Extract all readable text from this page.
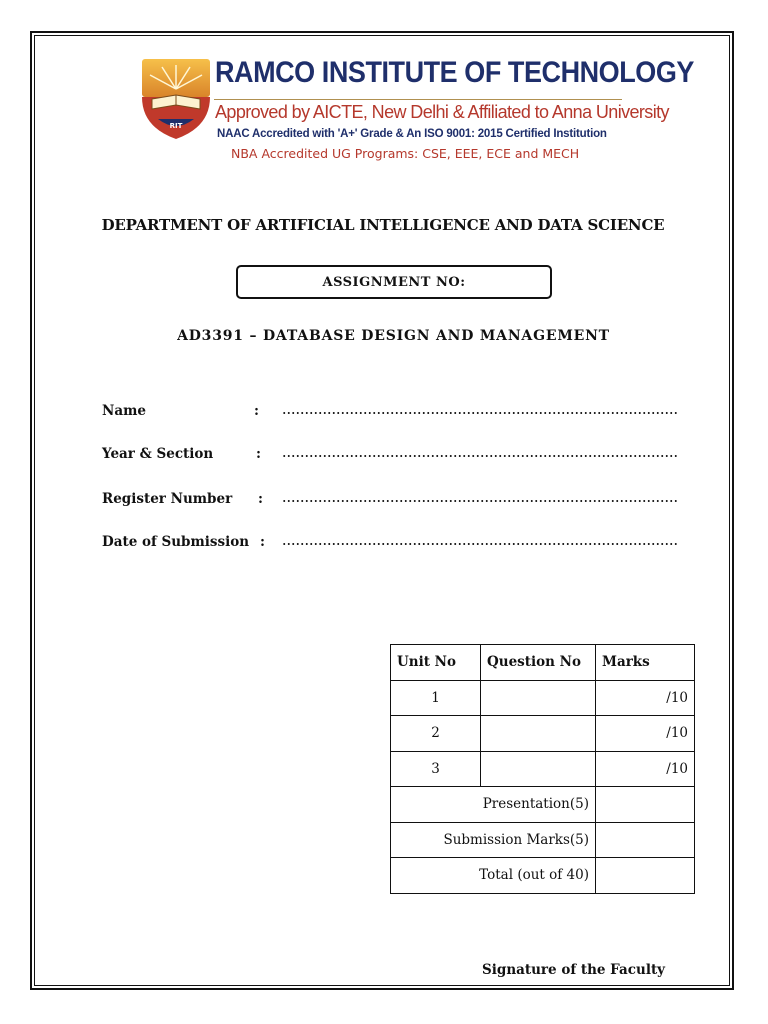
RIT
RAMCO INSTITUTE OF TECHNOLOGY
Approved by AICTE, New Delhi & Affiliated to Anna University
NAAC Accredited with 'A+' Grade & An ISO 9001: 2015 Certified Institution
NBA Accredited UG Programs: CSE, EEE, ECE and MECH
DEPARTMENT OF ARTIFICIAL INTELLIGENCE AND DATA SCIENCE
ASSIGNMENT NO:
AD3391 – DATABASE DESIGN AND MANAGEMENT
Name	:
Year & Section	:
Register Number :
Date of Submission :
Unit No	Question No	Marks
1		/10
2		/10
3		/10
Presentation(5)		
Submission Marks(5)		
Total (out of 40)		
Signature of the Faculty
